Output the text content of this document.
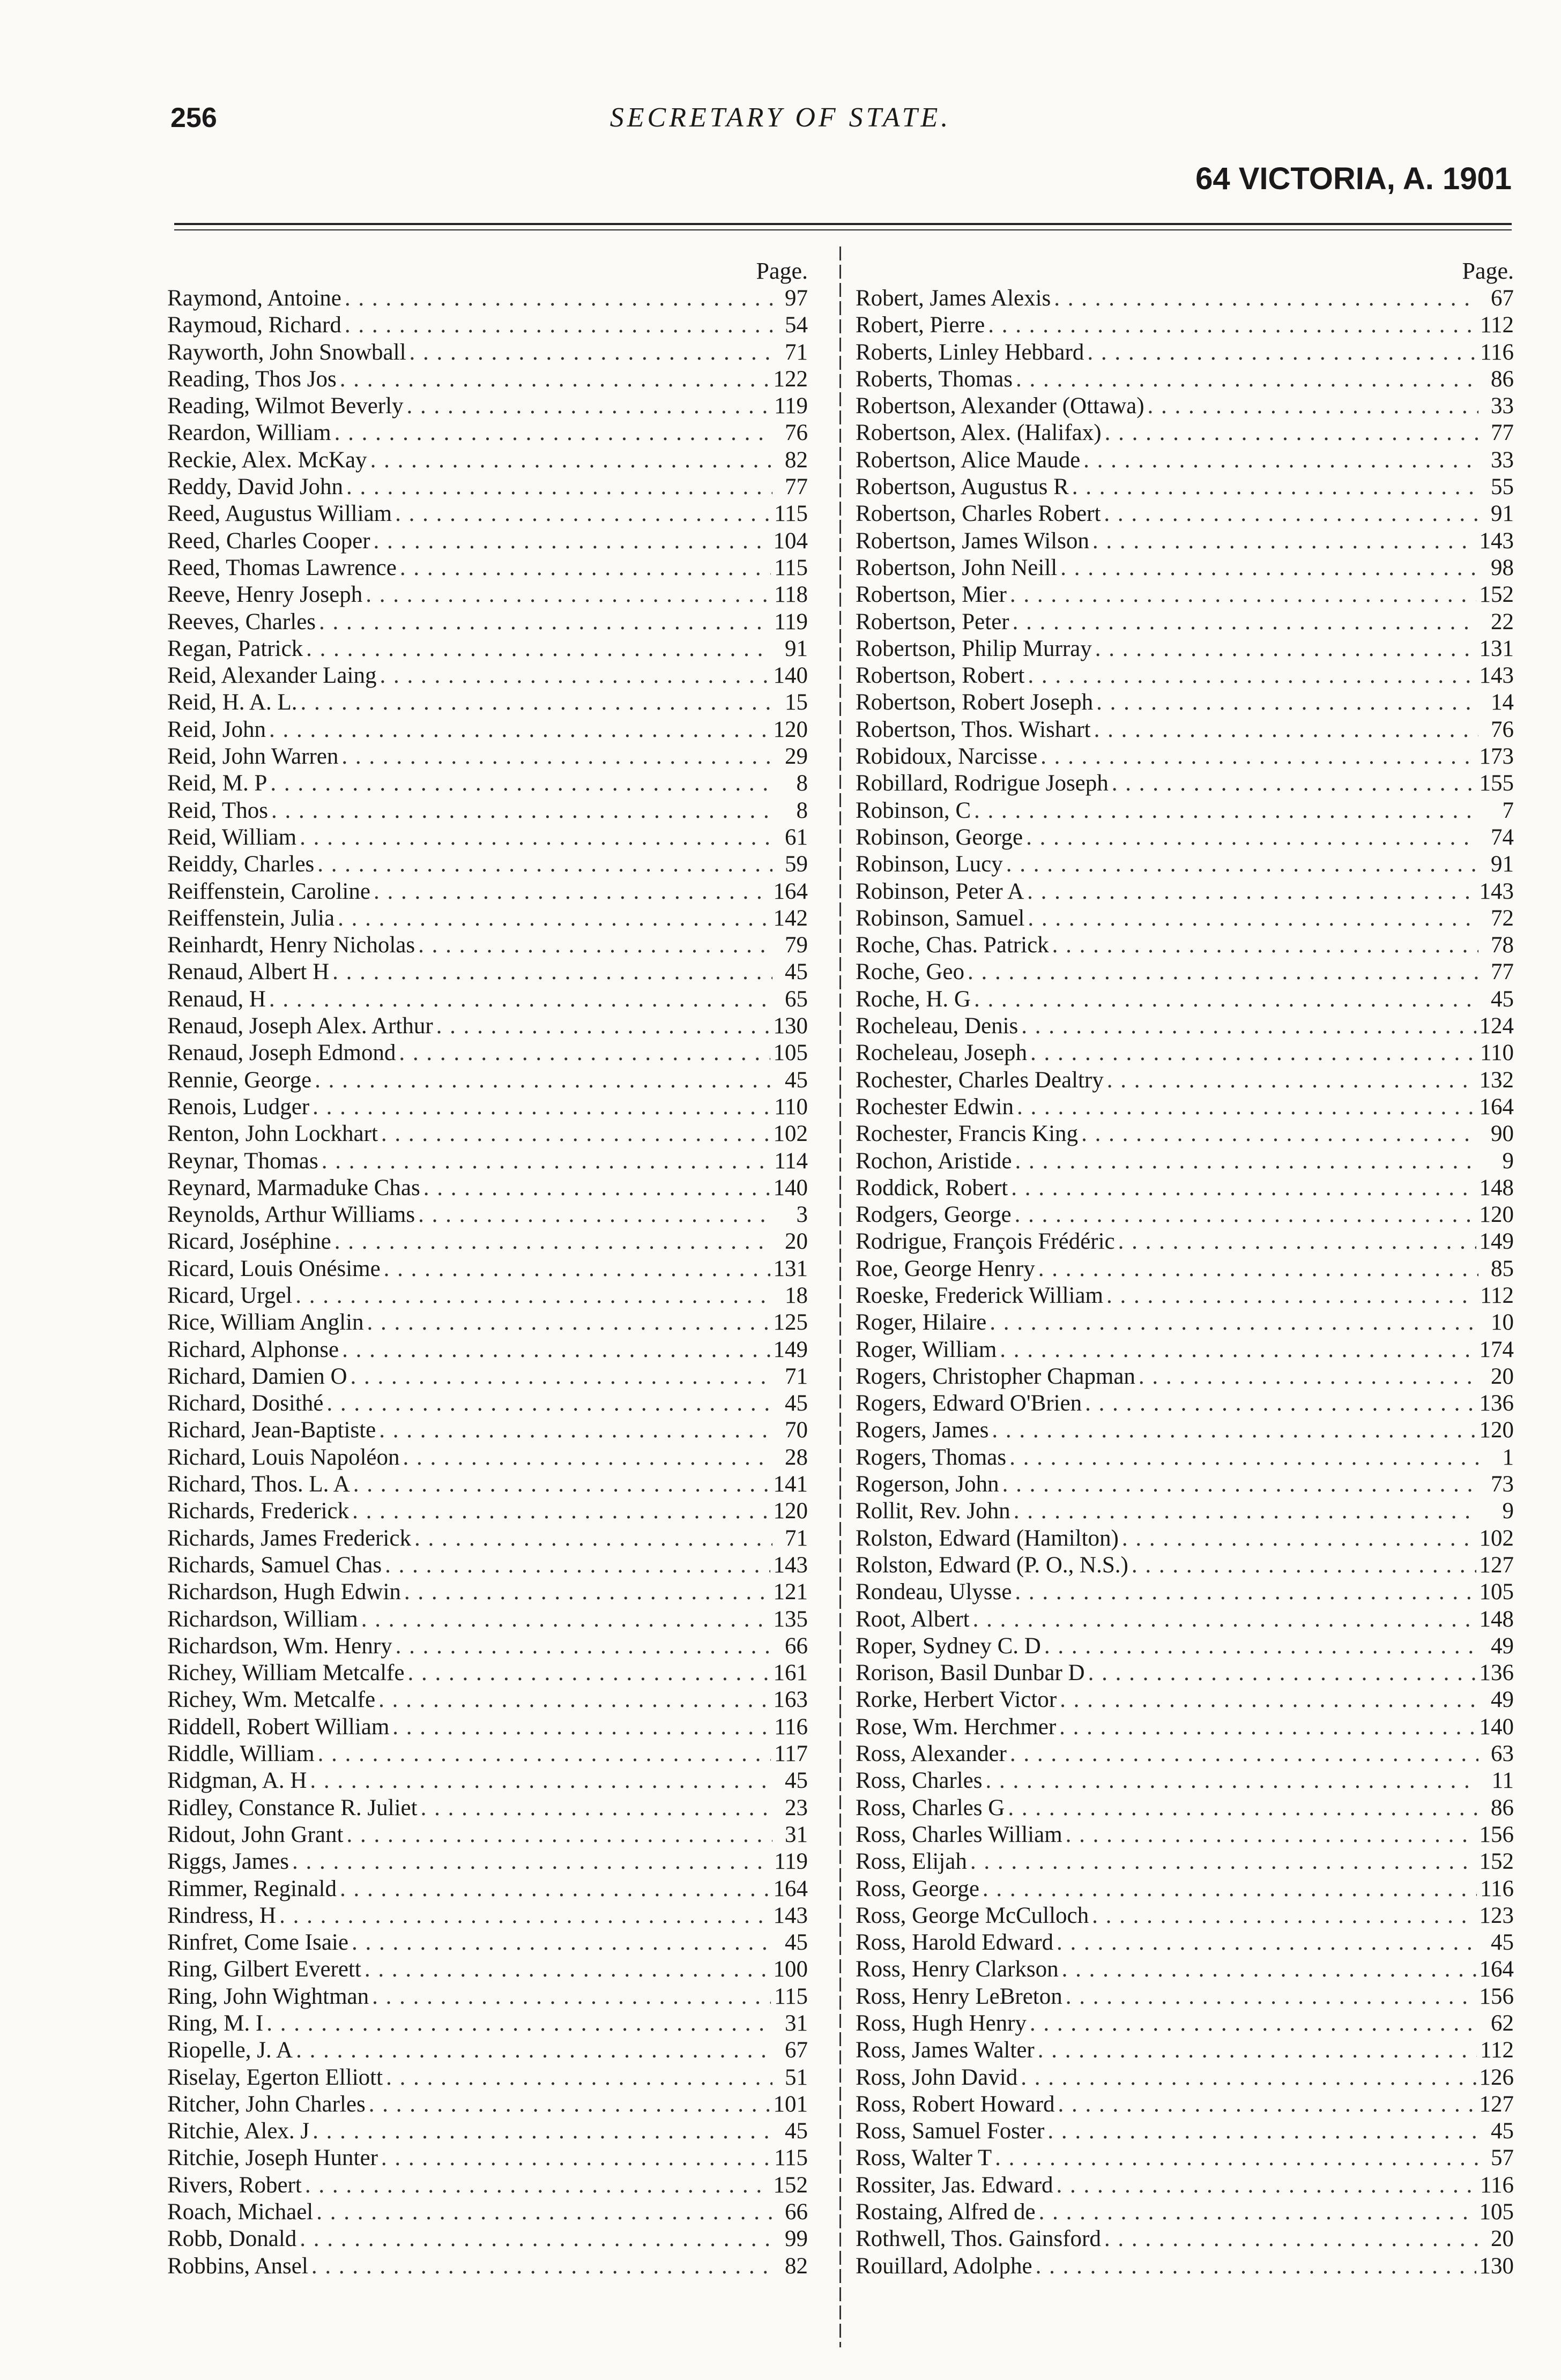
256	SECRETARY OF STATE.
64 VICTORIA, A. 1901
Page.
Raymond, Antoine . . .	97
Raymoud, Richard . . .	54
Rayworth, John Snowball . . .	71
Reading, Thos Jos . . .	122
Reading, Wilmot Beverly . . .	119
Reardon, William . . .	76
Reckie, Alex. McKay . . .	82
Reddy, David John . . .	77
Reed, Augustus William . . .	115
Reed, Charles Cooper . . .	104
Reed, Thomas Lawrence . . .	115
Reeve, Henry Joseph . . .	118
Reeves, Charles . . .	119
Regan, Patrick . . .	91
Reid, Alexander Laing . . .	140
Reid, H. A. L. . . .	15
Reid, John . . .	120
Reid, John Warren . . .	29
Reid, M. P . . .	8
Reid, Thos . . .	8
Reid, William . . .	61
Reiddy, Charles . . .	59
Reiffenstein, Caroline . . .	164
Reiffenstein, Julia . . .	142
Reinhardt, Henry Nicholas . . .	79
Renaud, Albert H . . .	45
Renaud, H . . .	65
Renaud, Joseph Alex. Arthur . . .	130
Renaud, Joseph Edmond . . .	105
Rennie, George . . .	45
Renois, Ludger . . .	110
Renton, John Lockhart . . .	102
Reynar, Thomas . . .	114
Reynard, Marmaduke Chas . . .	140
Reynolds, Arthur Williams . . .	3
Ricard, Joséphine . . .	20
Ricard, Louis Onésime . . .	131
Ricard, Urgel . . .	18
Rice, William Anglin . . .	125
Richard, Alphonse . . .	149
Richard, Damien O . . .	71
Richard, Dosithé . . .	45
Richard, Jean-Baptiste . . .	70
Richard, Louis Napoléon . . .	28
Richard, Thos. L. A . . .	141
Richards, Frederick . . .	120
Richards, James Frederick . . .	71
Richards, Samuel Chas . . .	143
Richardson, Hugh Edwin . . .	121
Richardson, William . . .	135
Richardson, Wm. Henry . . .	66
Richey, William Metcalfe . . .	161
Richey, Wm. Metcalfe . . .	163
Riddell, Robert William . . .	116
Riddle, William . . .	117
Ridgman, A. H . . .	45
Ridley, Constance R. Juliet . . .	23
Ridout, John Grant . . .	31
Riggs, James . . .	119
Rimmer, Reginald . . .	164
Rindress, H . . .	143
Rinfret, Come Isaie . . .	45
Ring, Gilbert Everett . . .	100
Ring, John Wightman . . .	115
Ring, M. I . . .	31
Riopelle, J. A . . .	67
Riselay, Egerton Elliott . . .	51
Ritcher, John Charles . . .	101
Ritchie, Alex. J . . .	45
Ritchie, Joseph Hunter . . .	115
Rivers, Robert . . .	152
Roach, Michael . . .	66
Robb, Donald . . .	99
Robbins, Ansel . . .	82
Page.
Robert, James Alexis . . .	67
Robert, Pierre . . .	112
Roberts, Linley Hebbard . . .	116
Roberts, Thomas . . .	86
Robertson, Alexander (Ottawa) . . .	33
Robertson, Alex. (Halifax) . . .	77
Robertson, Alice Maude . . .	33
Robertson, Augustus R . . .	55
Robertson, Charles Robert . . .	91
Robertson, James Wilson . . .	143
Robertson, John Neill . . .	98
Robertson, Mier . . .	152
Robertson, Peter . . .	22
Robertson, Philip Murray . . .	131
Robertson, Robert . . .	143
Robertson, Robert Joseph . . .	14
Robertson, Thos. Wishart . . .	76
Robidoux, Narcisse . . .	173
Robillard, Rodrigue Joseph . . .	155
Robinson, C . . .	7
Robinson, George . . .	74
Robinson, Lucy . . .	91
Robinson, Peter A . . .	143
Robinson, Samuel . . .	72
Roche, Chas. Patrick . . .	78
Roche, Geo . . .	77
Roche, H. G . . .	45
Rocheleau, Denis . . .	124
Rocheleau, Joseph . . .	110
Rochester, Charles Dealtry . . .	132
Rochester Edwin . . .	164
Rochester, Francis King . . .	90
Rochon, Aristide . . .	9
Roddick, Robert . . .	148
Rodgers, George . . .	120
Rodrigue, François Frédéric . . .	149
Roe, George Henry . . .	85
Roeske, Frederick William . . .	112
Roger, Hilaire . . .	10
Roger, William . . .	174
Rogers, Christopher Chapman . . .	20
Rogers, Edward O'Brien . . .	136
Rogers, James . . .	120
Rogers, Thomas . . .	1
Rogerson, John . . .	73
Rollit, Rev. John . . .	9
Rolston, Edward (Hamilton) . . .	102
Rolston, Edward (P. O., N.S.) . . .	127
Rondeau, Ulysse . . .	105
Root, Albert . . .	148
Roper, Sydney C. D . . .	49
Rorison, Basil Dunbar D . . .	136
Rorke, Herbert Victor . . .	49
Rose, Wm. Herchmer . . .	140
Ross, Alexander . . .	63
Ross, Charles . . .	11
Ross, Charles G . . .	86
Ross, Charles William . . .	156
Ross, Elijah . . .	152
Ross, George . . .	116
Ross, George McCulloch . . .	123
Ross, Harold Edward . . .	45
Ross, Henry Clarkson . . .	164
Ross, Henry LeBreton . . .	156
Ross, Hugh Henry . . .	62
Ross, James Walter . . .	112
Ross, John David . . .	126
Ross, Robert Howard . . .	127
Ross, Samuel Foster . . .	45
Ross, Walter T . . .	57
Rossiter, Jas. Edward . . .	116
Rostaing, Alfred de . . .	105
Rothwell, Thos. Gainsford . . .	20
Rouillard, Adolphe . . .	130
